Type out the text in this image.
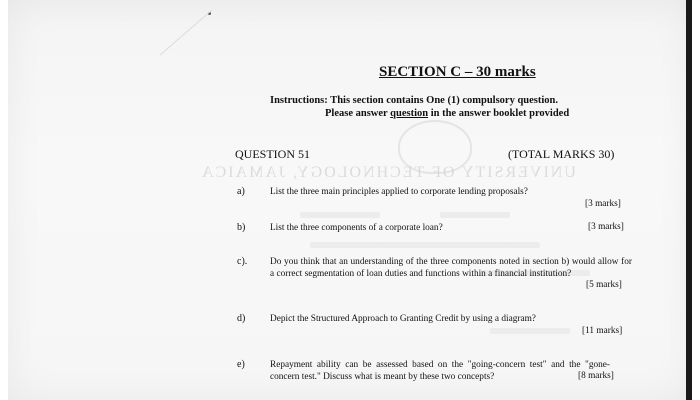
UNIVERSITY OF TECHNOLOGY, JAMAICA
SECTION C – 30 marks
Instructions: This section contains One (1) compulsory question.
Please answer question in the answer booklet provided
QUESTION 51	(TOTAL MARKS 30)
a)	List the three main principles applied to corporate lending proposals?
[3 marks]
b)	List the three components of a corporate loan?	[3 marks]
c). Do you think that an understanding of the three components noted in section b) would allow for a correct segmentation of loan duties and functions within a financial institution?
[5 marks]
d)	Depict the Structured Approach to Granting Credit by using a diagram?
[11 marks]
e)	Repayment ability can be assessed based on the "going-concern test" and the "gone-concern test." Discuss what is meant by these two concepts?	[8 marks]
